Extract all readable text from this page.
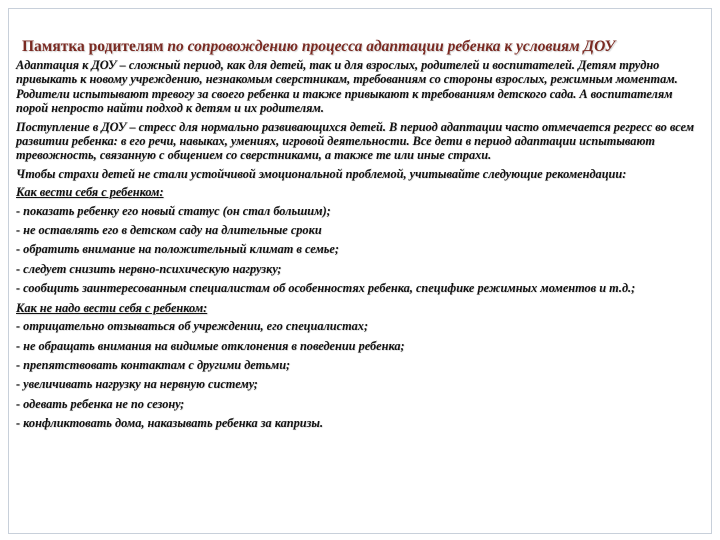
Памятка родителям по сопровождению процесса адаптации ребенка к условиям ДОУ

Адаптация к ДОУ – сложный период, как для детей, так и для взрослых, родителей и воспитателей. Детям трудно привыкать к новому учреждению, незнакомым сверстникам, требованиям со стороны взрослых, режимным моментам. Родители испытывают тревогу за своего ребенка и также привыкают к требованиям детского сада. А воспитателям порой непросто найти подход к детям и их родителям.

Поступление в ДОУ – стресс для нормально развивающихся детей. В период адаптации часто отмечается регресс во всем развитии ребенка: в его речи, навыках, умениях, игровой деятельности. Все дети в период адаптации испытывают тревожность, связанную с общением со сверстниками, а также те или иные страхи.

Чтобы страхи детей не стали устойчивой эмоциональной проблемой, учитывайте следующие рекомендации:

Как вести себя с ребенком:

- показать ребенку его новый статус (он стал большим);

- не оставлять его в детском саду на длительные сроки

- обратить внимание на положительный климат в семье;

- следует снизить нервно-психическую нагрузку;

- сообщить заинтересованным специалистам об особенностях ребенка, специфике режимных моментов и т.д.;

Как не надо вести себя с ребенком:

- отрицательно отзываться об учреждении, его специалистах;

- не обращать внимания на видимые отклонения в поведении ребенка;

- препятствовать контактам с другими детьми;

- увеличивать нагрузку на нервную систему;

- одевать ребенка не по сезону;

- конфликтовать дома, наказывать ребенка за капризы.
